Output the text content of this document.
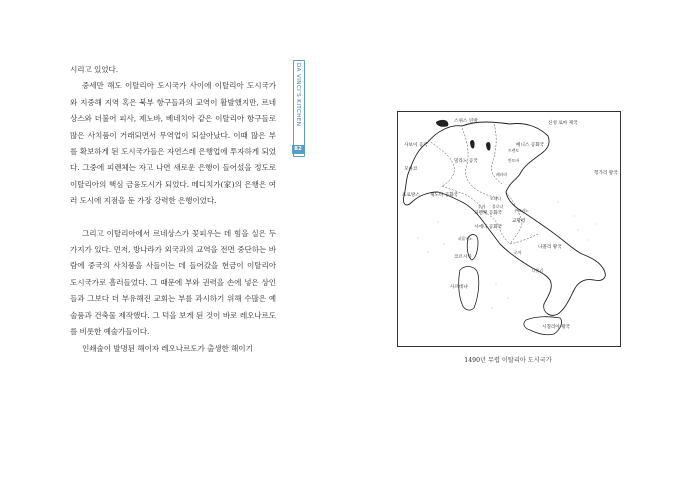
시리고 있었다.

중세만 해도 이탈리아 도시국가 사이에 이탈리아 도시국가와 지중해 지역 혹은 북부 항구들과의 교역이 활발했지만, 르네상스와 더불어 피사, 제노바, 베네치아 같은 이탈리아 항구들로 많은 사치품이 거래되면서 무역업이 되살아났다. 이때 많은 부를 확보하게 된 도시국가들은 자연스레 은행업에 투자하게 되었다. 그중에 피렌체는 자고 나면 새로운 은행이 들어섰을 정도로 이탈리아의 핵심 금융도시가 되었다. 메디치가(家)의 은행은 여러 도시에 지점을 둔 가장 강력한 은행이었다.

그리고 이탈리아에서 르네상스가 꽃피우는 데 힘을 실은 두 가지가 있다. 먼저, 방나라가 외국과의 교역을 전면 중단하는 바람에 중국의 사치품을 사들이는 데 들어갔을 현금이 이탈리아 도시국가로 흘러들었다. 그 때문에 부와 권력을 손에 넣은 상인들과 그보다 더 부유해진 교회는 부를 과시하기 위해 수많은 예술품과 건축물 제작했다. 그 덕을 보게 된 것이 바로 레오나르도를 비롯한 예술가들이다.

인쇄술이 발명된 해이자 레오나르도가 출생한 해이기

DA VINCI'S KITCHEN
82
스위스 연방	신성 로마 제국
사보이 공국
트렌토
베니스 공화국
밀라노 공국
헝가리 왕국
만토바
모나코
페라라
제노바 공화국
프로방스
모데나
루카 볼로냐
피렌체 공화국
우르비노
시에나 공화국
교황령
피옴비노
코르시카
로마
나폴리 왕국
나폴리
사르데냐
시칠리아 왕국
1490년 무렵 이탈리아 도시국가
